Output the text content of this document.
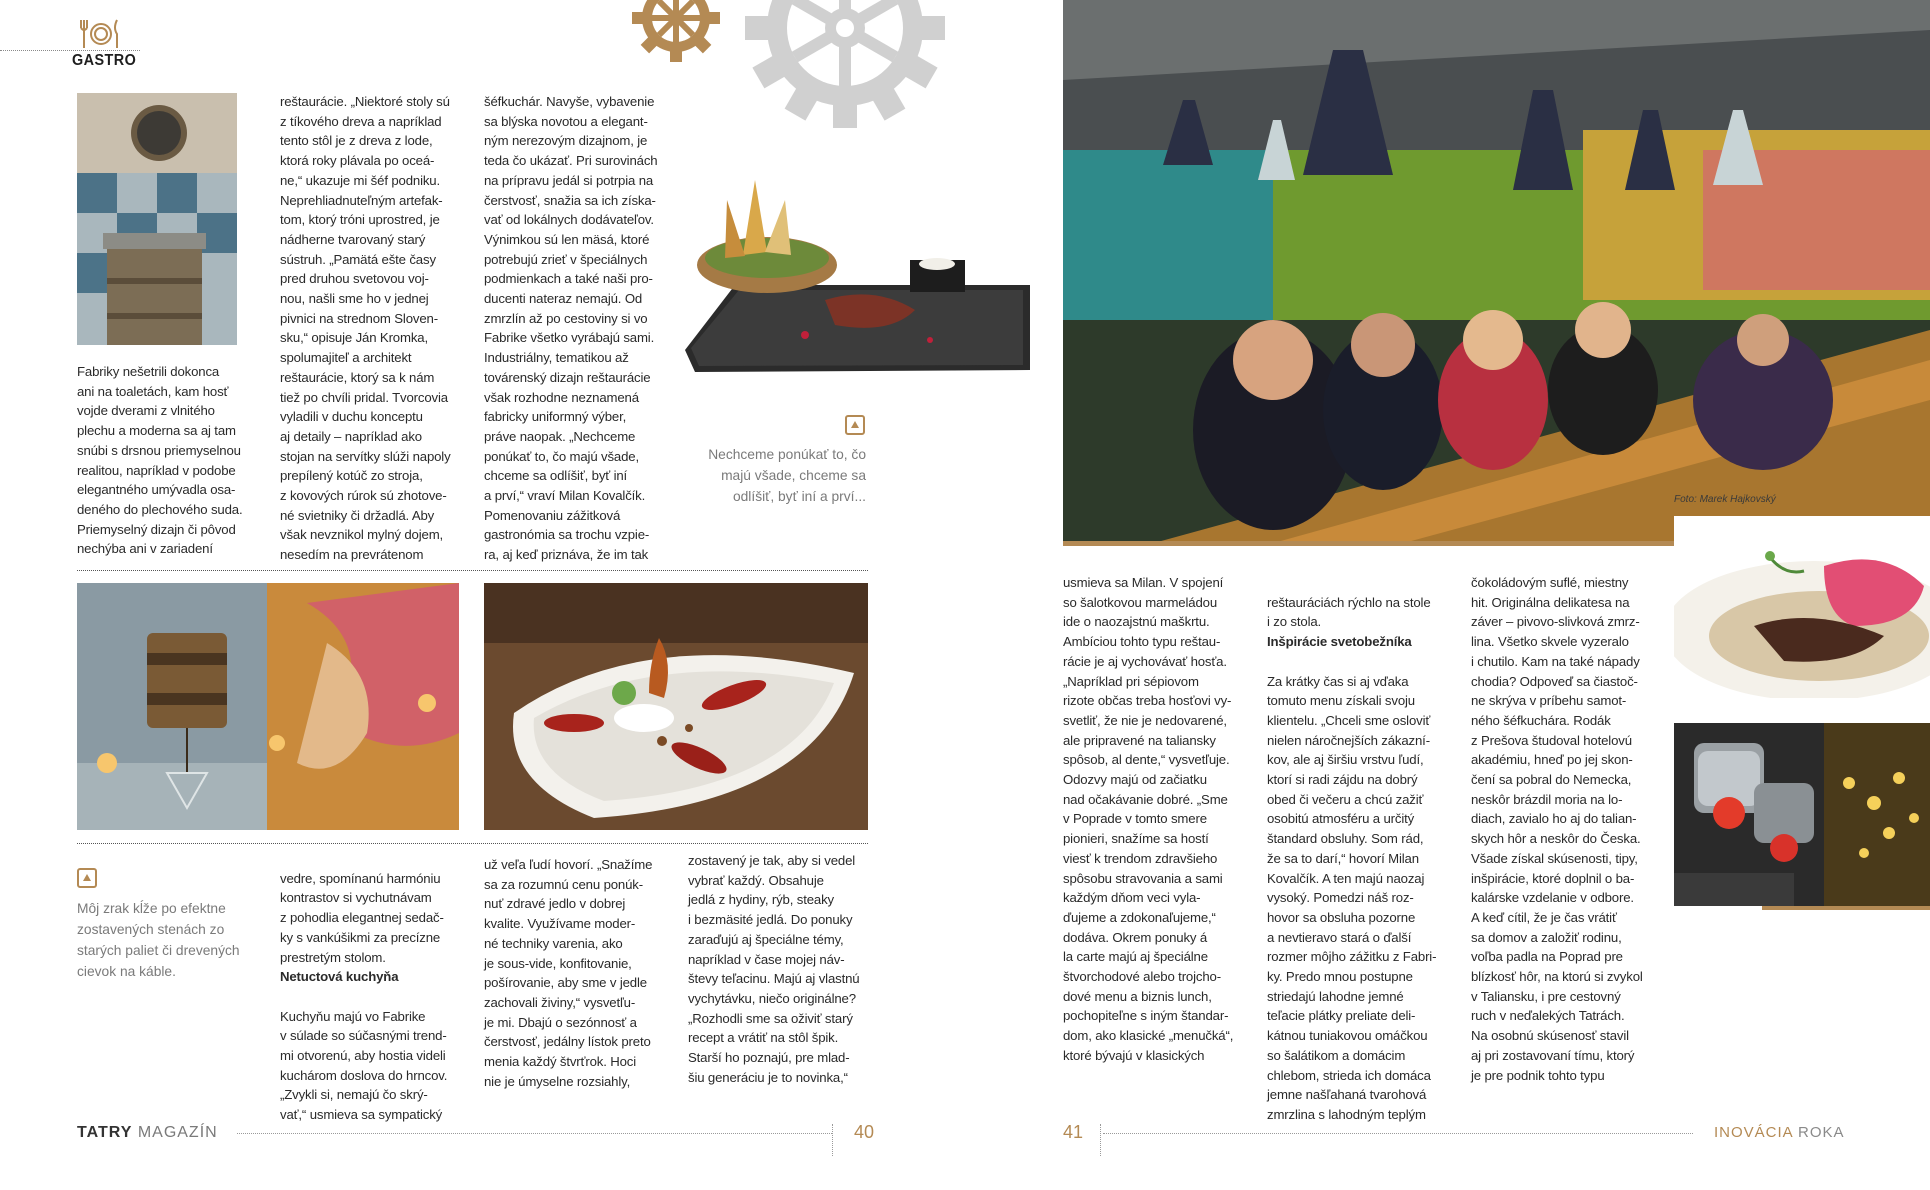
GASTRO
Fabriky nešetrili dokonca
ani na toaletách, kam hosť
vojde dverami z vlnitého
plechu a moderna sa aj tam
snúbi s drsnou priemyselnou
realitou, napríklad v podobe
elegantného umývadla osa-
deného do plechového suda.
Priemyselný dizajn či pôvod
nechýba ani v zariadení
reštaurácie. „Niektoré stoly sú
z tíkového dreva a napríklad
tento stôl je z dreva z lode,
ktorá roky plávala po oceá-
ne,“ ukazuje mi šéf podniku.
Neprehliadnuteľným artefak-
tom, ktorý tróni uprostred, je
nádherne tvarovaný starý
sústruh. „Pamätá ešte časy
pred druhou svetovou voj-
nou, našli sme ho v jednej
pivnici na strednom Sloven-
sku,“ opisuje Ján Kromka,
spolumajiteľ a architekt
reštaurácie, ktorý sa k nám
tiež po chvíli pridal. Tvorcovia
vyladili v duchu konceptu
aj detaily – napríklad ako
stojan na servítky slúži napoly
prepílený kotúč zo stroja,
z kovových rúrok sú zhotove-
né svietniky či držadlá. Aby
však nevznikol mylný dojem,
nesedím na prevrátenom
šéfkuchár. Navyše, vybavenie
sa blýska novotou a elegant-
ným nerezovým dizajnom, je
teda čo ukázať. Pri surovinách
na prípravu jedál si potrpia na
čerstvosť, snažia sa ich získa-
vať od lokálnych dodávateľov.
Výnimkou sú len mäsá, ktoré
potrebujú zrieť v špeciálnych
podmienkach a také naši pro-
ducenti nateraz nemajú. Od
zmrzlín až po cestoviny si vo
Fabrike všetko vyrábajú sami.
Industriálny, tematikou až
továrenský dizajn reštaurácie
však rozhodne neznamená
fabricky uniformný výber,
práve naopak. „Nechceme
ponúkať to, čo majú všade,
chceme sa odlíšiť, byť iní
a prví,“ vraví Milan Kovalčík.
Pomenovaniu zážitková
gastronómia sa trochu vzpie-
ra, aj keď priznáva, že im tak
Nechceme ponúkať to, čo
majú všade, chceme sa
odlíšiť, byť iní a prví...
Môj zrak kĺže po efektne
zostavených stenách zo
starých paliet či drevených
cievok na káble.

vedre, spomínanú harmóniu
kontrastov si vychutnávam
z pohodlia elegantnej sedač-
ky s vankúšikmi za precízne
prestretým stolom.

Netuctová kuchyňa

Kuchyňu majú vo Fabrike
v súlade so súčasnými trend-
mi otvorenú, aby hostia videli
kuchárom doslova do hrncov.
„Zvykli si, nemajú čo skrý-
vať,“ usmieva sa sympatický

už veľa ľudí hovorí. „Snažíme
sa za rozumnú cenu ponúk-
nuť zdravé jedlo v dobrej
kvalite. Využívame moder-
né techniky varenia, ako
je sous-vide, konfitovanie,
pošírovanie, aby sme v jedle
zachovali živiny,“ vysvetľu-
je mi. Dbajú o sezónnosť a
čerstvosť, jedálny lístok preto
menia každý štvrťrok. Hoci
nie je úmyselne rozsiahly,
zostavený je tak, aby si vedel
vybrať každý. Obsahuje
jedlá z hydiny, rýb, steaky
i bezmäsité jedlá. Do ponuky
zaraďujú aj špeciálne témy,
napríklad v čase mojej náv-
števy teľacinu. Majú aj vlastnú
vychytávku, niečo originálne?
„Rozhodli sme sa oživiť starý
recept a vrátiť na stôl špik.
Starší ho poznajú, pre mlad-
šiu generáciu je to novinka,“
TATRY MAGAZÍN	40
Foto: Marek Hajkovský
usmieva sa Milan. V spojení
so šalotkovou marmeládou
ide o naozajstnú maškrtu.
Ambíciou tohto typu reštau-
rácie je aj vychovávať hosťa.
„Napríklad pri sépiovom
rizote občas treba hosťovi vy-
svetliť, že nie je nedovarené,
ale pripravené na taliansky
spôsob, al dente,“ vysvetľuje.
Odozvy majú od začiatku
nad očakávanie dobré. „Sme
v Poprade v tomto smere
pionieri, snažíme sa hostí
viesť k trendom zdravšieho
spôsobu stravovania a sami
každým dňom veci vyla-
ďujeme a zdokonaľujeme,“
dodáva. Okrem ponuky á
la carte majú aj špeciálne
štvorchodové alebo trojcho-
dové menu a biznis lunch,
pochopiteľne s iným štandar-
dom, ako klasické „menučká“,
ktoré bývajú v klasických

reštauráciách rýchlo na stole
i zo stola.

Inšpirácie svetobežníka

Za krátky čas si aj vďaka
tomuto menu získali svoju
klientelu. „Chceli sme osloviť
nielen náročnejších zákazní-
kov, ale aj širšiu vrstvu ľudí,
ktorí si radi zájdu na dobrý
obed či večeru a chcú zažiť
osobitú atmosféru a určitý
štandard obsluhy. Som rád,
že sa to darí,“ hovorí Milan
Kovalčík. A ten majú naozaj
vysoký. Pomedzi náš roz-
hovor sa obsluha pozorne
a nevtieravo stará o ďalší
rozmer môjho zážitku z Fabri-
ky. Predo mnou postupne
striedajú lahodne jemné
teľacie plátky preliate deli-
kátnou tuniakovou omáčkou
so šalátikom a domácim
chlebom, strieda ich domáca
jemne našľahaná tvarohová
zmrzlina s lahodným teplým

čokoládovým suflé, miestny
hit. Originálna delikatesa na
záver – pivovo-slivková zmrz-
lina. Všetko skvele vyzeralo
i chutilo. Kam na také nápady
chodia? Odpoveď sa čiastoč-
ne skrýva v príbehu samot-
ného šéfkuchára. Rodák
z Prešova študoval hotelovú
akadémiu, hneď po jej skon-
čení sa pobral do Nemecka,
neskôr brázdil moria na lo-
diach, zavialo ho aj do talian-
skych hôr a neskôr do Česka.
Všade získal skúsenosti, tipy,
inšpirácie, ktoré doplnil o ba-
kalárske vzdelanie v odbore.
A keď cítil, že je čas vrátiť
sa domov a založiť rodinu,
voľba padla na Poprad pre
blízkosť hôr, na ktorú si zvykol
v Taliansku, i pre cestovný
ruch v neďalekých Tatrách.
Na osobnú skúsenosť stavil
aj pri zostavovaní tímu, ktorý
je pre podnik tohto typu
41	INOVÁCIA ROKA
